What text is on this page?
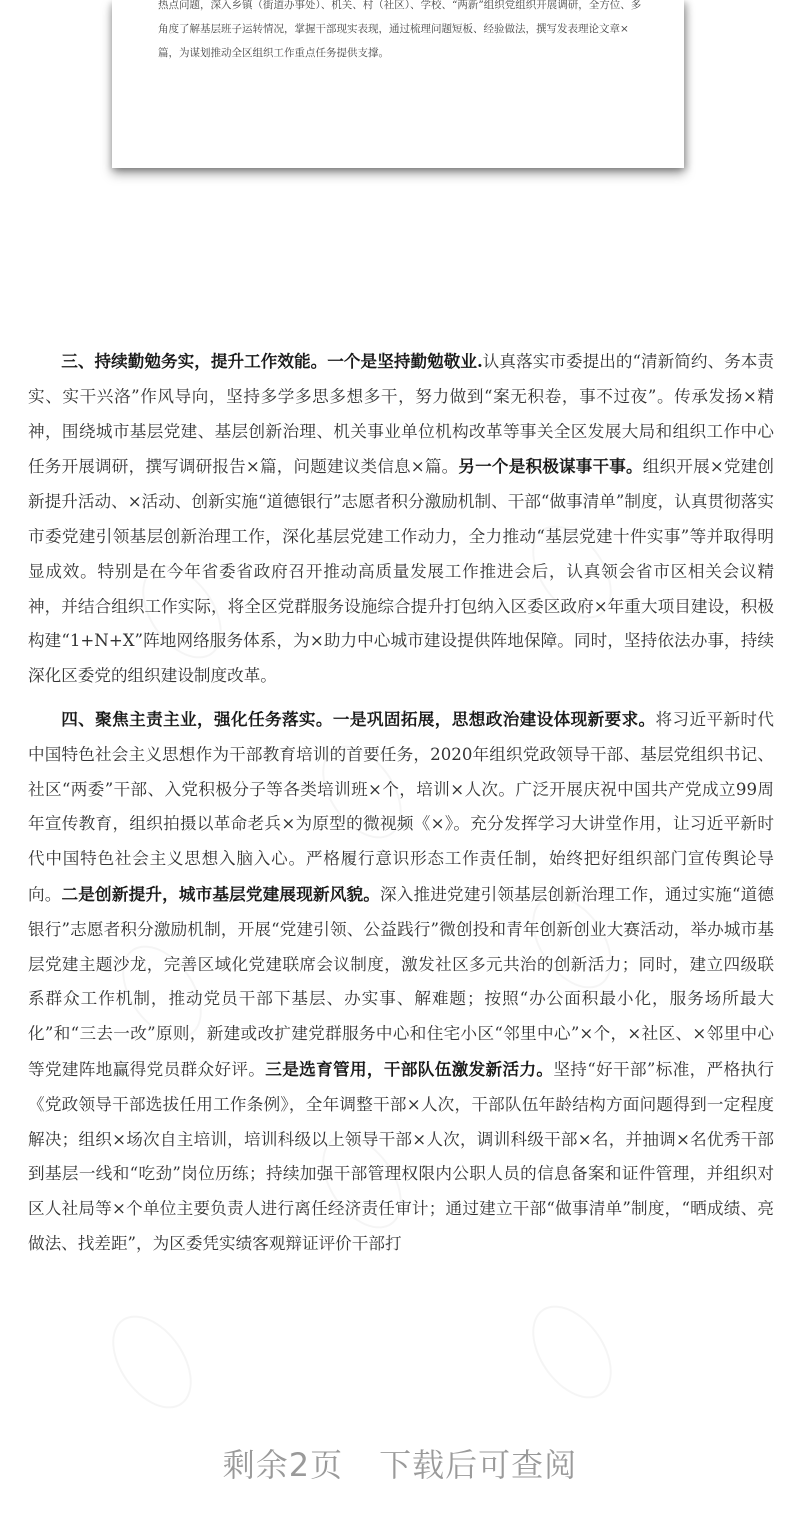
热点问题，深入乡镇（街道办事处）、机关、村（社区）、学校、“两新”组织党组织开展调研，全方位、多角度了解基层班子运转情况，掌握干部现实表现，通过梳理问题短板、经验做法，撰写发表理论文章×篇，为谋划推动全区组织工作重点任务提供支撑。

三、持续勤勉务实，提升工作效能。一个是坚持勤勉敬业.认真落实市委提出的“清新简约、务本责实、实干兴洛”作风导向，坚持多学多思多想多干，努力做到“案无积卷，事不过夜”。传承发扬×精神，围绕城市基层党建、基层创新治理、机关事业单位机构改革等事关全区发展大局和组织工作中心任务开展调研，撰写调研报告×篇，问题建议类信息×篇。另一个是积极谋事干事。组织开展×党建创新提升活动、×活动、创新实施“道德银行”志愿者积分激励机制、干部“做事清单”制度，认真贯彻落实市委党建引领基层创新治理工作，深化基层党建工作动力，全力推动“基层党建十件实事”等并取得明显成效。特别是在今年省委省政府召开推动高质量发展工作推进会后，认真领会省市区相关会议精神，并结合组织工作实际，将全区党群服务设施综合提升打包纳入区委区政府×年重大项目建设，积极构建“1+N+X”阵地网络服务体系，为×助力中心城市建设提供阵地保障。同时，坚持依法办事，持续深化区委党的组织建设制度改革。

四、聚焦主责主业，强化任务落实。一是巩固拓展，思想政治建设体现新要求。将习近平新时代中国特色社会主义思想作为干部教育培训的首要任务，2020年组织党政领导干部、基层党组织书记、社区“两委”干部、入党积极分子等各类培训班×个，培训×人次。广泛开展庆祝中国共产党成立99周年宣传教育，组织拍摄以革命老兵×为原型的微视频《×》。充分发挥学习大讲堂作用，让习近平新时代中国特色社会主义思想入脑入心。严格履行意识形态工作责任制，始终把好组织部门宣传舆论导向。二是创新提升，城市基层党建展现新风貌。深入推进党建引领基层创新治理工作，通过实施“道德银行”志愿者积分激励机制，开展“党建引领、公益践行”微创投和青年创新创业大赛活动，举办城市基层党建主题沙龙，完善区域化党建联席会议制度，激发社区多元共治的创新活力；同时，建立四级联系群众工作机制，推动党员干部下基层、办实事、解难题；按照“办公面积最小化，服务场所最大化”和“三去一改”原则，新建或改扩建党群服务中心和住宅小区“邻里中心”×个，×社区、×邻里中心等党建阵地赢得党员群众好评。三是选育管用，干部队伍激发新活力。坚持“好干部”标准，严格执行《党政领导干部选拔任用工作条例》，全年调整干部×人次，干部队伍年龄结构方面问题得到一定程度解决；组织×场次自主培训，培训科级以上领导干部×人次，调训科级干部×名，并抽调×名优秀干部到基层一线和“吃劲”岗位历练；持续加强干部管理权限内公职人员的信息备案和证件管理，并组织对区人社局等×个单位主要负责人进行离任经济责任审计；通过建立干部“做事清单”制度，“晒成绩、亮做法、找差距”，为区委凭实绩客观辩证评价干部打

剩余2页 下载后可查阅
